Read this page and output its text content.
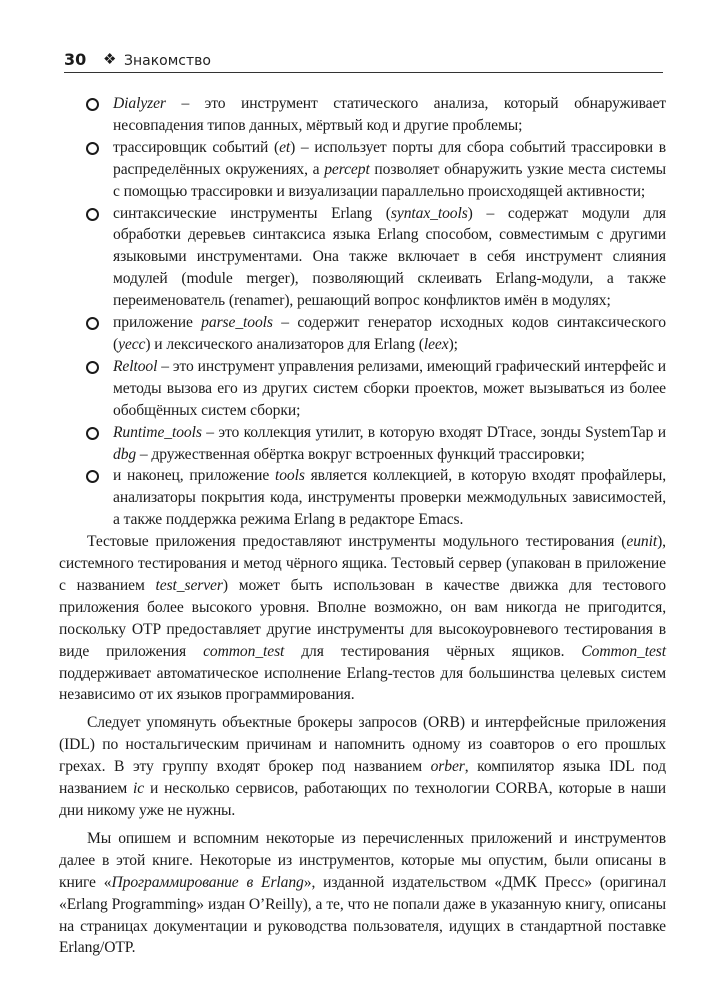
30 ❖ Знакомство
Dialyzer – это инструмент статического анализа, который обнаруживает несовпадения типов данных, мёртвый код и другие проблемы;
трассировщик событий (et) – использует порты для сбора событий трассировки в распределённых окружениях, а percept позволяет обнаружить узкие места системы с помощью трассировки и визуализации параллельно происходящей активности;
синтаксические инструменты Erlang (syntax_tools) – содержат модули для обработки деревьев синтаксиса языка Erlang способом, совместимым с другими языковыми инструментами. Она также включает в себя инструмент слияния модулей (module merger), позволяющий склеивать Erlang-модули, а также переименователь (renamer), решающий вопрос конфликтов имён в модулях;
приложение parse_tools – содержит генератор исходных кодов синтаксического (yecc) и лексического анализаторов для Erlang (leex);
Reltool – это инструмент управления релизами, имеющий графический интерфейс и методы вызова его из других систем сборки проектов, может вызываться из более обобщённых систем сборки;
Runtime_tools – это коллекция утилит, в которую входят DTrace, зонды SystemTap и dbg – дружественная обёртка вокруг встроенных функций трассировки;
и наконец, приложение tools является коллекцией, в которую входят профайлеры, анализаторы покрытия кода, инструменты проверки межмодульных зависимостей, а также поддержка режима Erlang в редакторе Emacs.

Тестовые приложения предоставляют инструменты модульного тестирования (eunit), системного тестирования и метод чёрного ящика. Тестовый сервер (упакован в приложение с названием test_server) может быть использован в качестве движка для тестового приложения более высокого уровня. Вполне возможно, он вам никогда не пригодится, поскольку OTP предоставляет другие инструменты для высокоуровневого тестирования в виде приложения common_test для тестирования чёрных ящиков. Common_test поддерживает автоматическое исполнение Erlang-тестов для большинства целевых систем независимо от их языков программирования.

Следует упомянуть объектные брокеры запросов (ORB) и интерфейсные приложения (IDL) по ностальгическим причинам и напомнить одному из соавторов о его прошлых грехах. В эту группу входят брокер под названием orber, компилятор языка IDL под названием ic и несколько сервисов, работающих по технологии CORBA, которые в наши дни никому уже не нужны.

Мы опишем и вспомним некоторые из перечисленных приложений и инструментов далее в этой книге. Некоторые из инструментов, которые мы опустим, были описаны в книге «Программирование в Erlang», изданной издательством «ДМК Пресс» (оригинал «Erlang Programming» издан O’Reilly), а те, что не попали даже в указанную книгу, описаны на страницах документации и руководства пользователя, идущих в стандартной поставке Erlang/OTP.
